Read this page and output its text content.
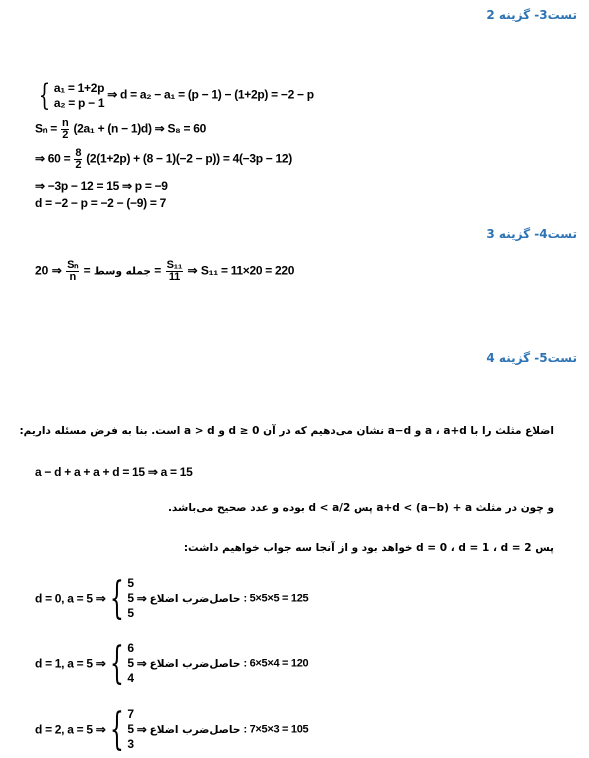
تست3- گزینه 2
{ a₁ = 1+2p
a₂ = p − 1
⇒ d = a₂ − a₁ = (p − 1) − (1+2p) = −2 − p
$S_n = \frac{n}{2} (2a_1 + (n - 1)d)$ ⇒ S₈ = 60
⇒ $60 = \frac{8}{2} (2(1+2p) + (8 - 1)(-2 - p)) = 4(-3p - 12)$
⇒ −3p − 12 = 15 ⇒ p = −9
d = −2 − p = −2 − (−9) = 7
تست4- گزینه 3
جمله وسط =
$\frac{\text{Sₙ}}{n}$
⇒ $20 = \frac{\text{S₁₁}}{11}$ ⇒ S₁₁ = 11×20 = 220
تست5- گزینه 4
اضلاع مثلث را با a ، a+d و a−d نشان می‌دهیم که در آن d ≥ 0 و a > d است. بنا به فرض مسئله داریم:
a − d + a + a + d = 15 ⇒ a = 15
و چون در مثلث a+d < (a−b) + a پس d < a/2 بوده و عدد صحیح می‌باشد.
پس d = 0 ، d = 1 ، d = 2 خواهد بود و از آنجا سه جواب خواهیم داشت:
d = 0, a = 5 ⇒ { 5
5
5
⇒ حاصل‌ضرب اضلاع : 5×5×5 = 125
d = 1, a = 5 ⇒ { 6
5
4
⇒ حاصل‌ضرب اضلاع : 6×5×4 = 120
d = 2, a = 5 ⇒ { 7
5
3
⇒ حاصل‌ضرب اضلاع : 7×5×3 = 105
